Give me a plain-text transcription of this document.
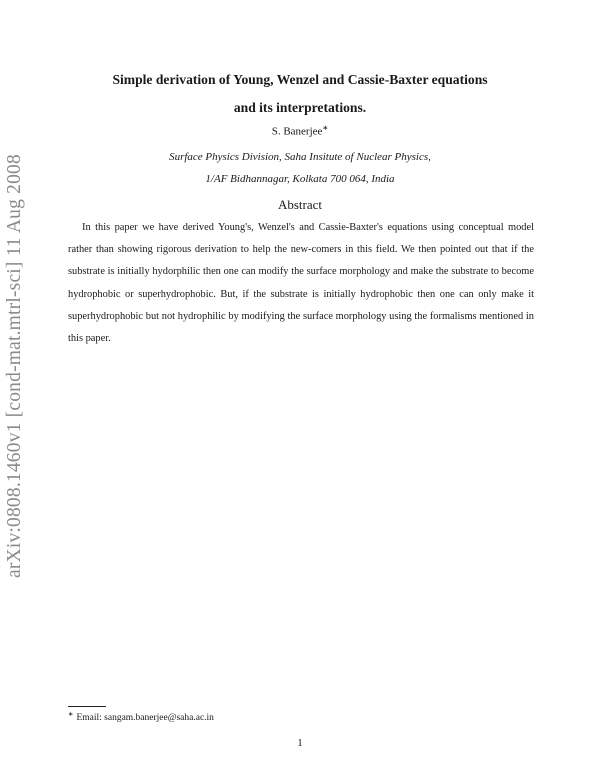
arXiv:0808.1460v1 [cond-mat.mtrl-sci] 11 Aug 2008
Simple derivation of Young, Wenzel and Cassie-Baxter equations
and its interpretations.
S. Banerjee∗
Surface Physics Division, Saha Insitute of Nuclear Physics,
1/AF Bidhannagar, Kolkata 700 064, India
Abstract
In this paper we have derived Young's, Wenzel's and Cassie-Baxter's equations using conceptual model rather than showing rigorous derivation to help the new-comers in this field. We then pointed out that if the substrate is initially hydorphilic then one can modify the surface morphology and make the substrate to become hydrophobic or superhydrophobic. But, if the substrate is initially hydrophobic then one can only make it superhydrophobic but not hydrophilic by modifying the surface morphology using the formalisms mentioned in this paper.
∗ Email: sangam.banerjee@saha.ac.in
1
